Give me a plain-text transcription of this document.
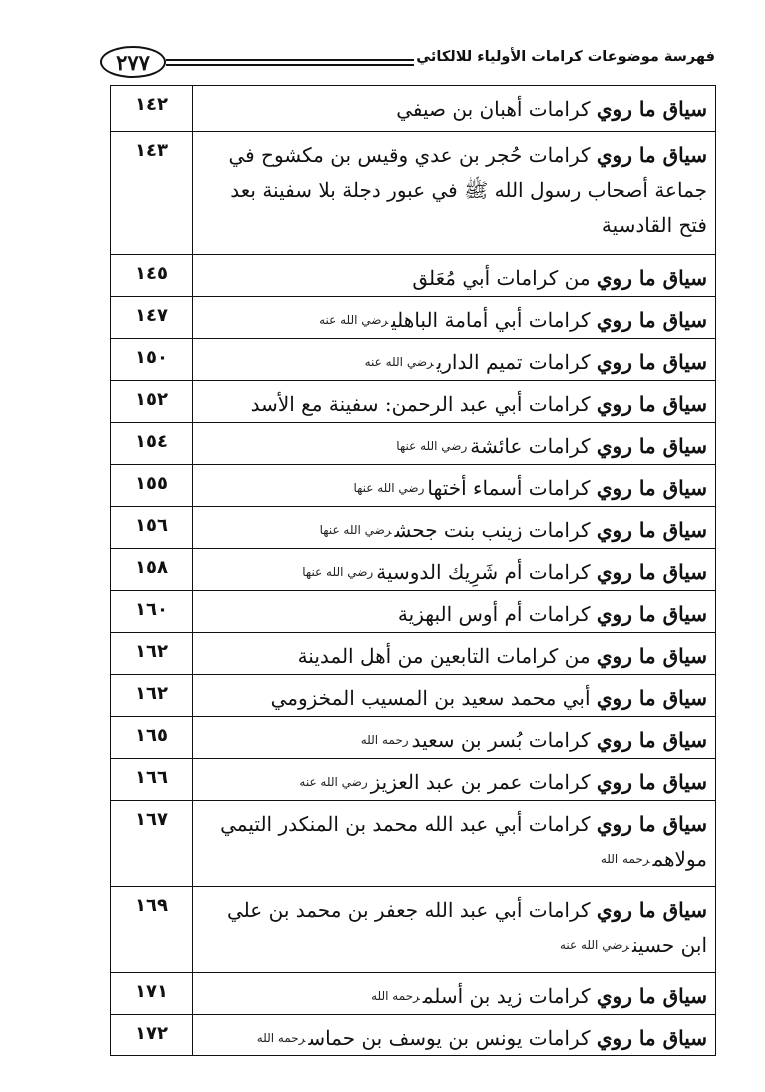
٢٧٧	فهرسة موضوعات كرامات الأولياء للالكائي
سياق ما روي كرامات أهبان بن صيفي
١٤٢
سياق ما روي كرامات حُجر بن عدي وقيس بن مكشوح في جماعة أصحاب رسول الله ﷺ في عبور دجلة بلا سفينة بعد فتح القادسية
١٤٣
سياق ما روي من كرامات أبي مُعَلق
١٤٥
سياق ما روي كرامات أبي أمامة الباهليرضي الله عنه
١٤٧
سياق ما روي كرامات تميم الداريرضي الله عنه
١٥٠
سياق ما روي كرامات أبي عبد الرحمن: سفينة مع الأسد
١٥٢
سياق ما روي كرامات عائشةرضي الله عنها
١٥٤
سياق ما روي كرامات أسماء أختهارضي الله عنها
١٥٥
سياق ما روي كرامات زينب بنت جحشرضي الله عنها
١٥٦
سياق ما روي كرامات أم شَرِيك الدوسيةرضي الله عنها
١٥٨
سياق ما روي كرامات أم أوس البهزية
١٦٠
سياق ما روي من كرامات التابعين من أهل المدينة
١٦٢
سياق ما روي أبي محمد سعيد بن المسيب المخزومي
١٦٢
سياق ما روي كرامات بُسر بن سعيدرحمه الله
١٦٥
سياق ما روي كرامات عمر بن عبد العزيزرضي الله عنه
١٦٦
سياق ما روي كرامات أبي عبد الله محمد بن المنكدر التيمي مولاهمرحمه الله
١٦٧
سياق ما روي كرامات أبي عبد الله جعفر بن محمد بن علي ابن حسينرضي الله عنه
١٦٩
سياق ما روي كرامات زيد بن أسلمرحمه الله
١٧١
سياق ما روي كرامات يونس بن يوسف بن حماسرحمه الله
١٧٢
